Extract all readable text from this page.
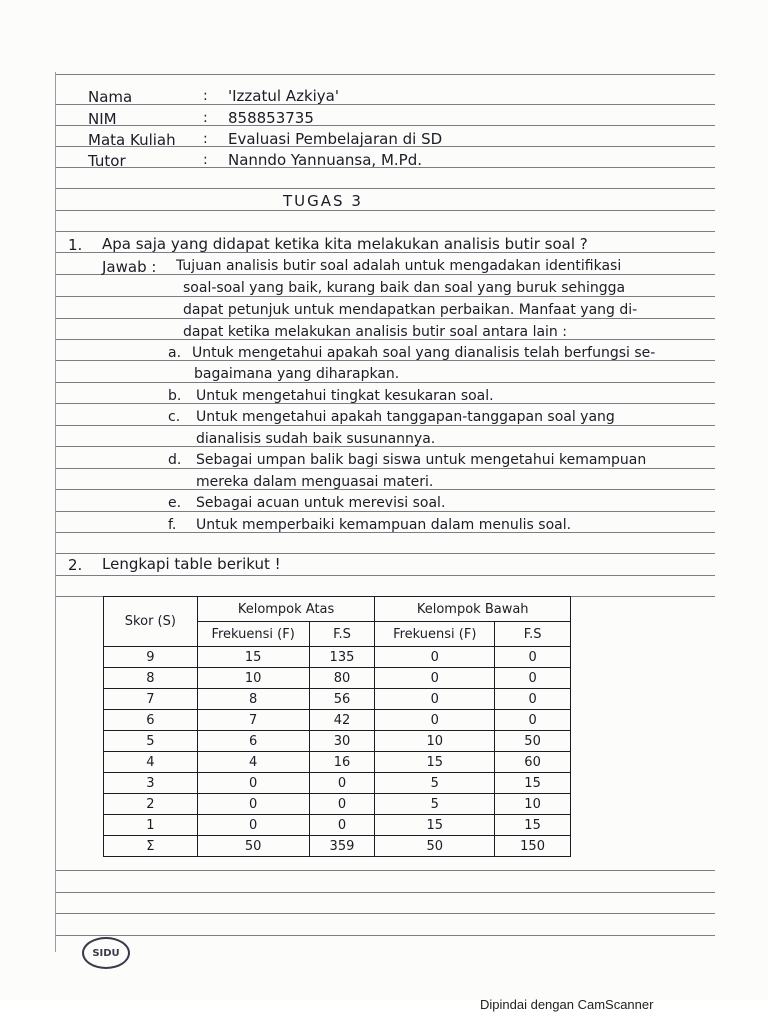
Nama	: 'Izzatul Azkiya'
NIM	: 858853735
Mata Kuliah : Evaluasi Pembelajaran di SD
Tutor	: Nanndo Yannuansa, M.Pd.
TUGAS 3
1. Apa saja yang didapat ketika kita melakukan analisis butir soal ?
Jawab : Tujuan analisis butir soal adalah untuk mengadakan identifikasi
soal-soal yang baik, kurang baik dan soal yang buruk sehingga
dapat petunjuk untuk mendapatkan perbaikan. Manfaat yang di-
dapat ketika melakukan analisis butir soal antara lain :
a. Untuk mengetahui apakah soal yang dianalisis telah berfungsi se-
bagaimana yang diharapkan.
b. Untuk mengetahui tingkat kesukaran soal.
c. Untuk mengetahui apakah tanggapan-tanggapan soal yang
dianalisis sudah baik susunannya.
d. Sebagai umpan balik bagi siswa untuk mengetahui kemampuan
mereka dalam menguasai materi.
e. Sebagai acuan untuk merevisi soal.
f. Untuk memperbaiki kemampuan dalam menulis soal.
2. Lengkapi table berikut !
Skor (S)	Kelompok Atas		Kelompok Bawah	
	Frekuensi (F)	F.S	Frekuensi (F)	F.S
9	15	135	0	0
8	10	80	0	0
7	8	56	0	0
6	7	42	0	0
5	6	30	10	50
4	4	16	15	60
3	0	0	5	15
2	0	0	5	10
1	0	0	15	15
Σ	50	359	50	150
SIDU
Dipindai dengan CamScanner
